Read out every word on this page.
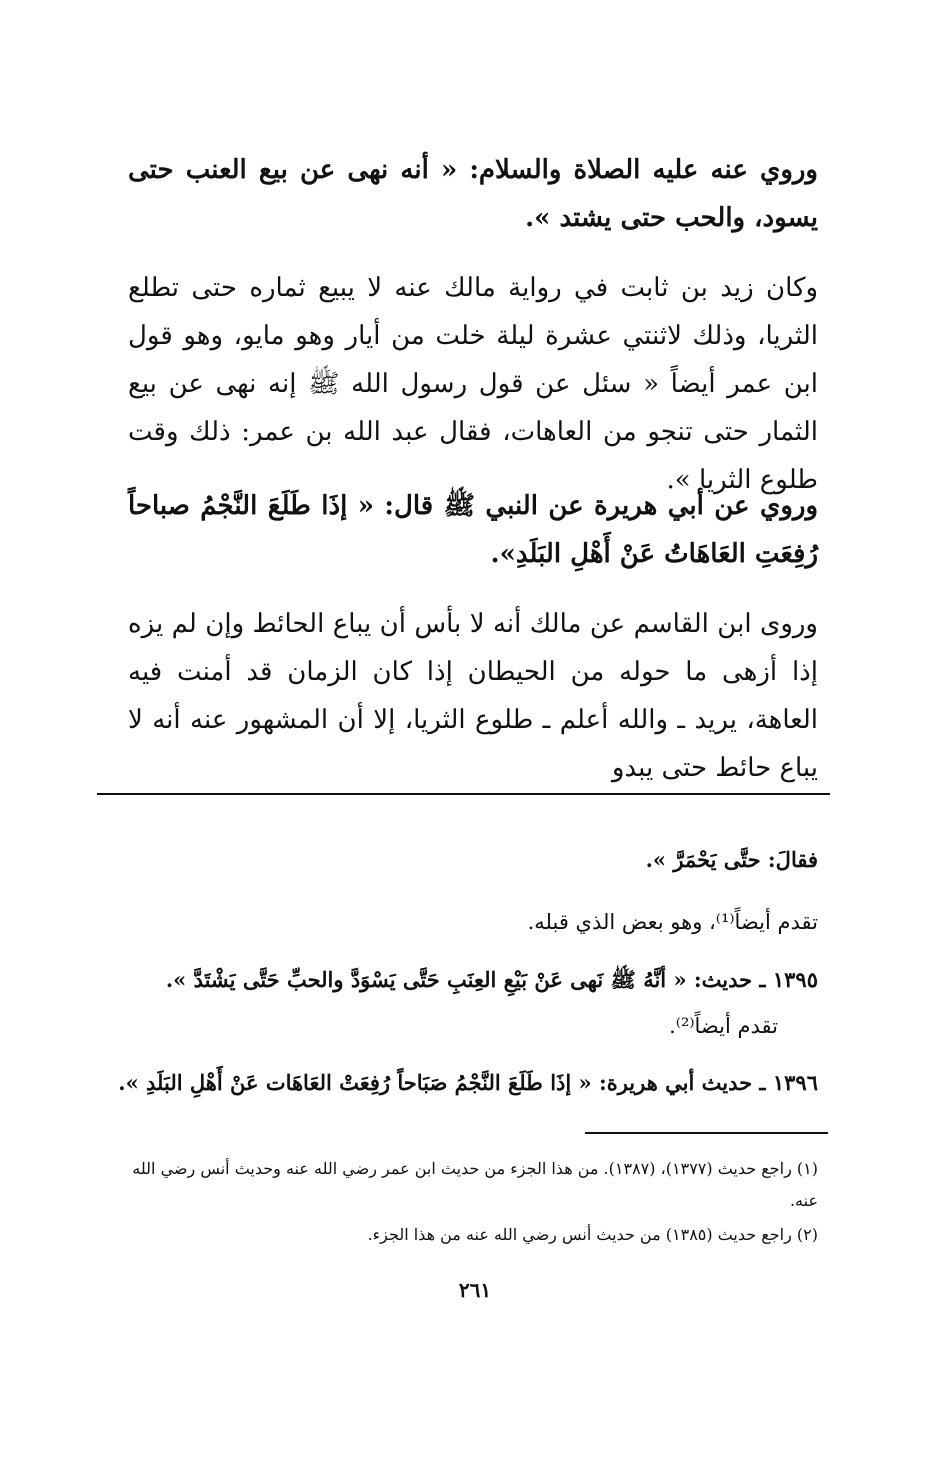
وروي عنه عليه الصلاة والسلام: « أنه نهى عن بيع العنب حتى يسود، والحب حتى يشتد ».

وكان زيد بن ثابت في رواية مالك عنه لا يبيع ثماره حتى تطلع الثريا، وذلك لاثنتي عشرة ليلة خلت من أيار وهو مايو، وهو قول ابن عمر أيضاً « سئل عن قول رسول الله ﷺ إنه نهى عن بيع الثمار حتى تنجو من العاهات، فقال عبد الله بن عمر: ذلك وقت طلوع الثريا ».

وروي عن أبي هريرة عن النبي ﷺ قال: « إذَا طَلَعَ النَّجْمُ صباحاً رُفِعَتِ العَاهَاتُ عَنْ أَهْلِ البَلَدِ».

وروى ابن القاسم عن مالك أنه لا بأس أن يباع الحائط وإن لم يزه إذا أزهى ما حوله من الحيطان إذا كان الزمان قد أمنت فيه العاهة، يريد ـ والله أعلم ـ طلوع الثريا، إلا أن المشهور عنه أنه لا يباع حائط حتى يبدو

فقالَ: حتَّى يَحْمَرَّ ».
تقدم أيضاً⁽¹⁾، وهو بعض الذي قبله.
١٣٩٥ ـ حديث: « أنَّهُ ﷺ نَهى عَنْ بَيْعِ العِنَبِ حَتَّى يَسْوَدَّ والحبِّ حَتَّى يَشْتَدَّ ».
تقدم أيضاً⁽²⁾.
١٣٩٦ ـ حديث أبي هريرة: « إذَا طَلَعَ النَّجْمُ صَبَاحاً رُفِعَتْ العَاهَات عَنْ أَهْلِ البَلَدِ ».
(١) راجع حديث (١٣٧٧)، (١٣٨٧). من هذا الجزء من حديث ابن عمر رضي الله عنه وحديث أنس رضي الله عنه.
(٢) راجع حديث (١٣٨٥) من حديث أنس رضي الله عنه من هذا الجزء.
٢٦١
